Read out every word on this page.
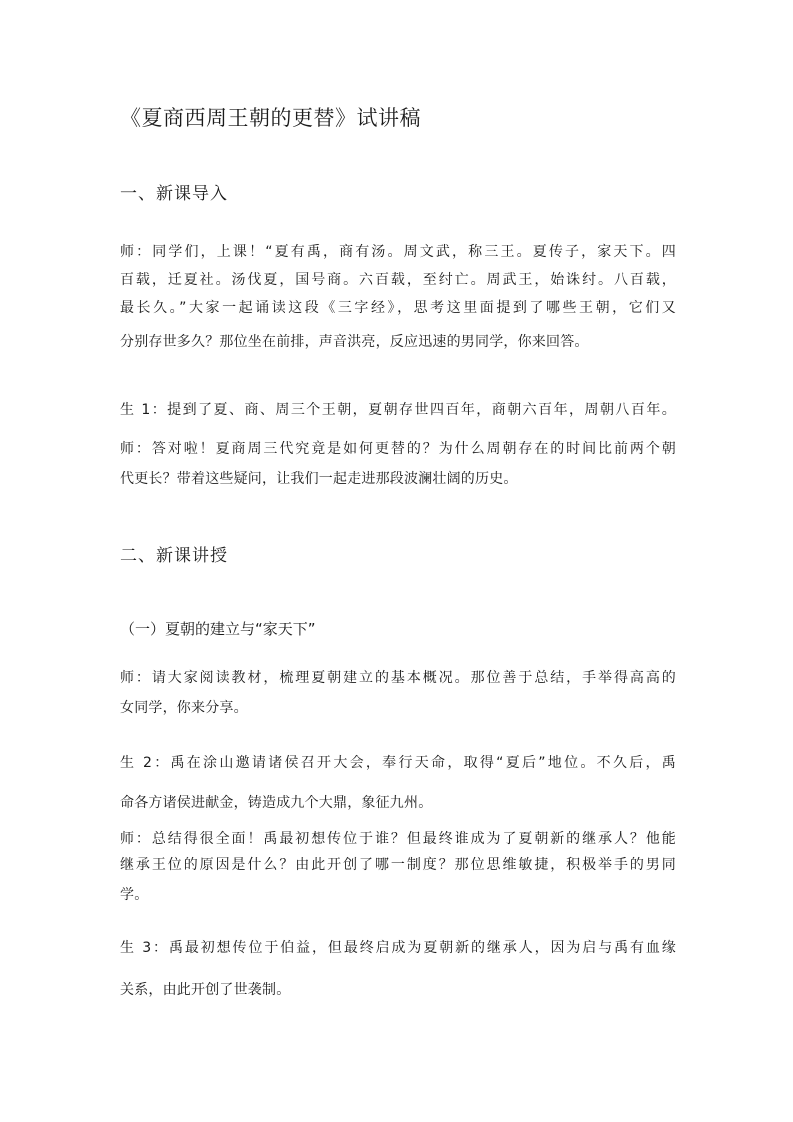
《夏商西周王朝的更替》试讲稿
一、新课导入
师：同学们，上课！“夏有禹，商有汤。周文武，称三王。夏传子，家天下。四
百载，迁夏社。汤伐夏，国号商。六百载，至纣亡。周武王，始诛纣。八百载，
最长久。”大家一起诵读这段《三字经》，思考这里面提到了哪些王朝，它们又
分别存世多久？那位坐在前排，声音洪亮，反应迅速的男同学，你来回答。
生 1：提到了夏、商、周三个王朝，夏朝存世四百年，商朝六百年，周朝八百年。
师：答对啦！夏商周三代究竟是如何更替的？为什么周朝存在的时间比前两个朝
代更长？带着这些疑问，让我们一起走进那段波澜壮阔的历史。
二、新课讲授
（一）夏朝的建立与“家天下”
师：请大家阅读教材，梳理夏朝建立的基本概况。那位善于总结，手举得高高的
女同学，你来分享。
生 2：禹在涂山邀请诸侯召开大会，奉行天命，取得“夏后”地位。不久后，禹
命各方诸侯进献金，铸造成九个大鼎，象征九州。
师：总结得很全面！禹最初想传位于谁？但最终谁成为了夏朝新的继承人？他能
继承王位的原因是什么？由此开创了哪一制度？那位思维敏捷，积极举手的男同
学。
生 3：禹最初想传位于伯益，但最终启成为夏朝新的继承人，因为启与禹有血缘
关系，由此开创了世袭制。
